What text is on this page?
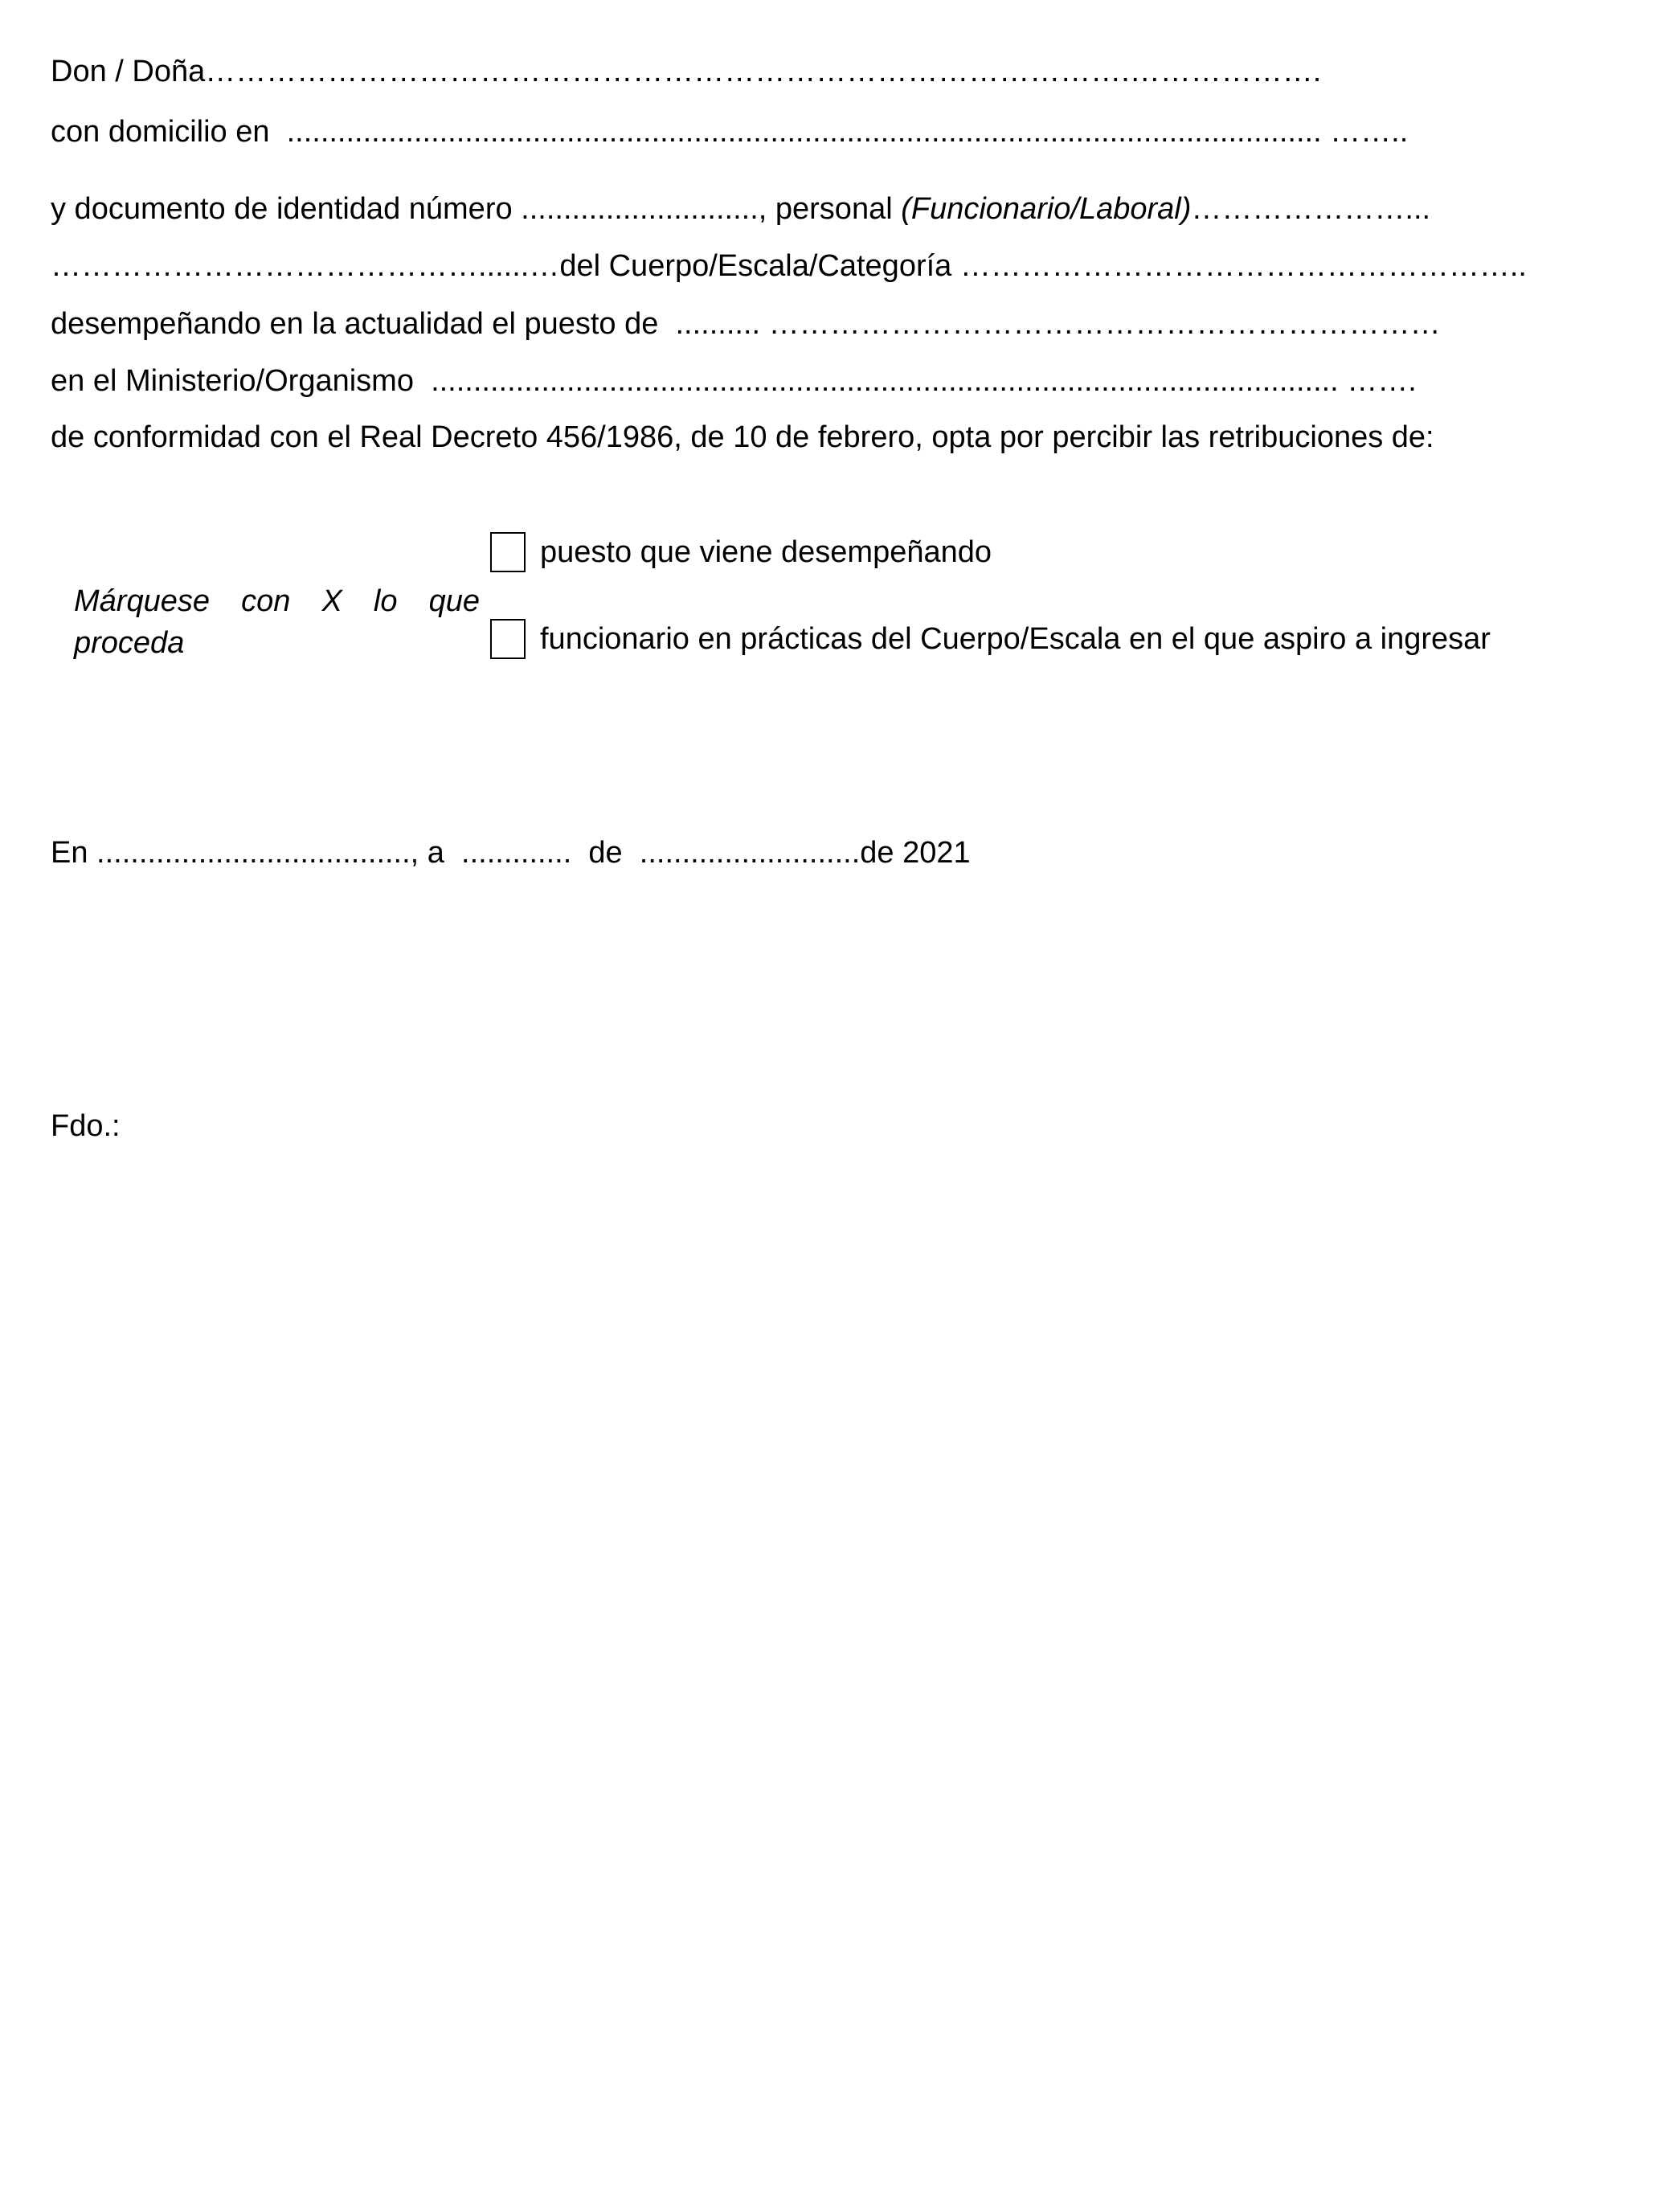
Don / Doña……………………………………………………………………………….……………….
con domicilio en  .......................................................................................................................... ……..
y documento de identidad número ............................, personal (Funcionario/Laboral)…………………...
……………………………………......…del Cuerpo/Escala/Categoría ………………………………………………..
desempeñando en la actualidad el puesto de  .......... …………………………………………………………
en el Ministerio/Organismo  ........................................................................................................... …….
de conformidad con el Real Decreto 456/1986, de 10 de febrero, opta por percibir las retribuciones de:
Márquese con X lo que proceda
puesto que viene desempeñando
funcionario en prácticas del Cuerpo/Escala en el que aspiro a ingresar
En ....................................., a  .............  de  ..........................de 2021
Fdo.:
